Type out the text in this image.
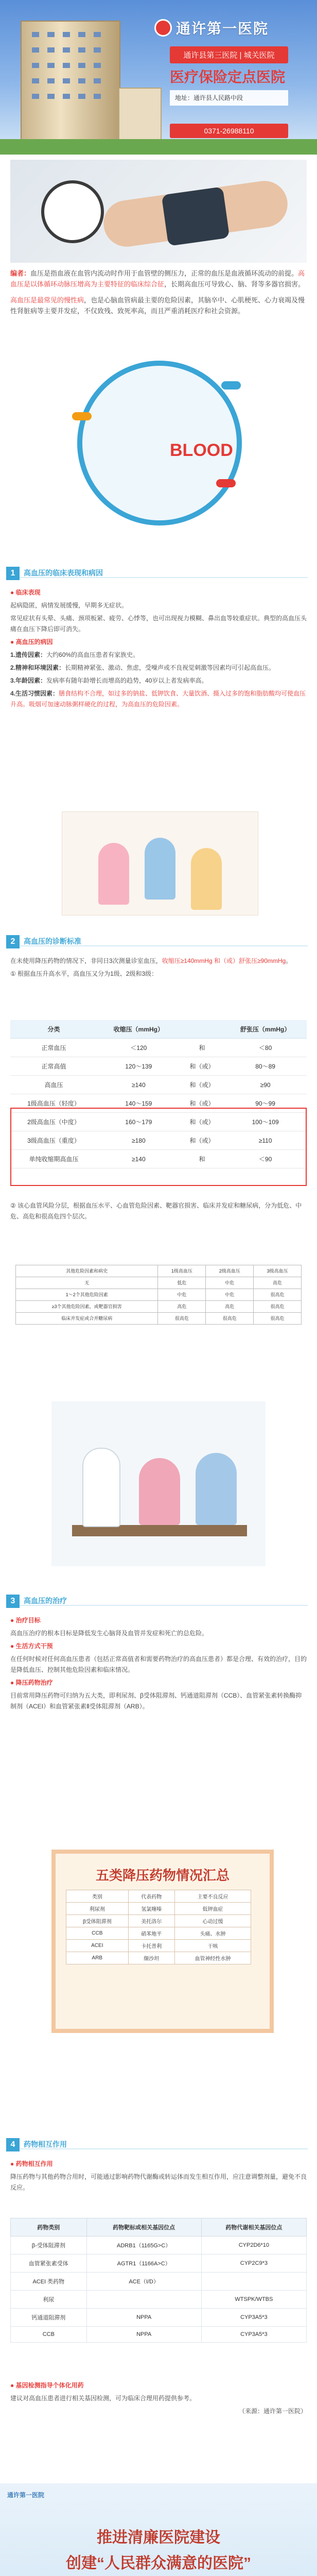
通许第一医院
通许县第三医院 | 城关医院
医疗保险定点医院
地址：通许县人民路中段
0371-26988110

编者：血压是指血液在血管内流动时作用于血管壁的侧压力，正常的血压是血液循环流动的前提。高血压是以体循环动脉压增高为主要特征的临床综合征，长期高血压可导致心、脑、肾等多器官损害。

高血压是最常见的慢性病，也是心脑血管病最主要的危险因素，其脑卒中、心肌梗死、心力衰竭及慢性肾脏病等主要并发症，不仅致残、致死率高，而且严重消耗医疗和社会资源。

BLOOD
1	高血压的临床表现和病因

● 临床表现

起病隐匿，病情发展缓慢，早期多无症状。

常见症状有头晕、头痛、颈项板紧、疲劳、心悸等，也可出现视力模糊、鼻出血等较重症状。典型的高血压头痛在血压下降后即可消失。

● 高血压的病因

1.遗传因素：大约60%的高血压患者有家族史。

2.精神和环境因素：长期精神紧张、激动、焦虑，受噪声或不良视觉刺激等因素均可引起高血压。

3.年龄因素：发病率有随年龄增长而增高的趋势，40岁以上者发病率高。

4.生活习惯因素：膳食结构不合理，如过多的钠盐、低钾饮食、大量饮酒、摄入过多的饱和脂肪酸均可使血压升高。吸烟可加速动脉粥样硬化的过程，为高血压的危险因素。

2	高血压的诊断标准

在未使用降压药物的情况下，非同日3次测量诊室血压，收缩压≥140mmHg 和（或）舒张压≥90mmHg。

① 根据血压升高水平，高血压又分为1级、2级和3级：

分类	收缩压（mmHg）		舒张压（mmHg）
正常血压	＜120	和	＜80
正常高值	120～139	和（或）	80～89
高血压	≥140	和（或）	≥90
1级高血压（轻度）	140～159	和（或）	90～99
2级高血压（中度）	160～179	和（或）	100～109
3级高血压（重度）	≥180	和（或）	≥110
单纯收缩期高血压	≥140	和	＜90

② 该心血管风险分层，根据血压水平、心血管危险因素、靶器官损害、临床并发症和糖尿病，分为低危、中危、高危和很高危四个层次。

其他危险因素和病史	1级高血压	2级高血压	3级高血压
无	低危	中危	高危
1～2个其他危险因素	中危	中危	很高危
≥3个其他危险因素，或靶器官损害	高危	高危	很高危
临床并发症或合并糖尿病	很高危	很高危	很高危
3	高血压的治疗

● 治疗目标

高血压治疗的根本目标是降低发生心脑肾及血管并发症和死亡的总危险。

● 生活方式干预

在任何时候对任何高血压患者（包括正常高值者和需要药物治疗的高血压患者）都是合理、有效的治疗，目的是降低血压、控制其他危险因素和临床情况。

● 降压药物治疗

目前常用降压药物可归纳为五大类，即利尿剂、β受体阻滞剂、钙通道阻滞剂（CCB）、血管紧张素转换酶抑制剂（ACEI）和血管紧张素Ⅱ受体阻滞剂（ARB）。

五类降压药物情况汇总
类别	代表药物	主要不良反应
利尿剂	氢氯噻嗪	低钾血症
β受体阻滞剂	美托洛尔	心动过缓
CCB	硝苯地平	头痛、水肿
ACEI	卡托普利	干咳
ARB	缬沙坦	血管神经性水肿
4	药物相互作用

● 药物相互作用

降压药物与其他药物合用时，可能通过影响药物代谢酶或转运体而发生相互作用，应注意调整剂量，避免不良反应。

药物类别	药物靶标或相关基因位点	药物代谢相关基因位点
β-受体阻滞剂	ADRB1（1165G>C）	CYP2D6*10
血管紧张素受体	AGTR1（1166A>C）	CYP2C9*3
ACEI 类药物	ACE（I/D）	
利尿		WTSPK/WTBS
钙通道阻滞剂	NPPA	CYP3A5*3
CCB	NPPA	CYP3A5*3

● 基因检测指导个体化用药

建议对高血压患者进行相关基因检测，可为临床合理用药提供参考。

（来源：通许第一医院）

通许第一医院
推进清廉医院建设
创建“人民群众满意的医院”
